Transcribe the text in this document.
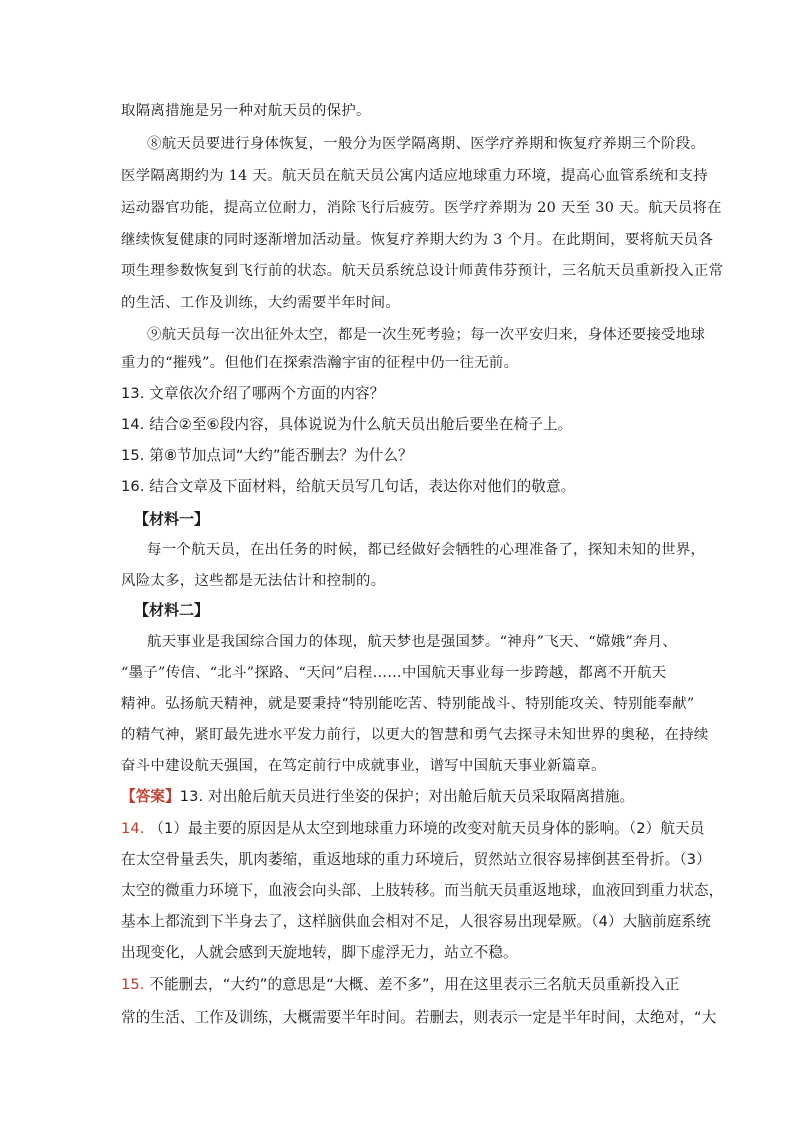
取隔离措施是另一种对航天员的保护。
⑧航天员要进行身体恢复，一般分为医学隔离期、医学疗养期和恢复疗养期三个阶段。
医学隔离期约为 14 天。航天员在航天员公寓内适应地球重力环境，提高心血管系统和支持
运动器官功能，提高立位耐力，消除飞行后疲劳。医学疗养期为 20 天至 30 天。航天员将在
继续恢复健康的同时逐渐增加活动量。恢复疗养期大约为 3 个月。在此期间，要将航天员各
项生理参数恢复到飞行前的状态。航天员系统总设计师黄伟芬预计，三名航天员重新投入正常
的生活、工作及训练，大约需要半年时间。
⑨航天员每一次出征外太空，都是一次生死考验；每一次平安归来，身体还要接受地球
重力的“摧残”。但他们在探索浩瀚宇宙的征程中仍一往无前。
13. 文章依次介绍了哪两个方面的内容？
14. 结合②至⑥段内容，具体说说为什么航天员出舱后要坐在椅子上。
15. 第⑧节加点词“大约”能否删去？为什么？
16. 结合文章及下面材料，给航天员写几句话，表达你对他们的敬意。
【材料一】
每一个航天员，在出任务的时候，都已经做好会牺牲的心理准备了，探知未知的世界，
风险太多，这些都是无法估计和控制的。
【材料二】
航天事业是我国综合国力的体现，航天梦也是强国梦。“神舟”飞天、“嫦娥”奔月、
“墨子”传信、“北斗”探路、“天问”启程……中国航天事业每一步跨越，都离不开航天
精神。弘扬航天精神，就是要秉持“特别能吃苦、特别能战斗、特别能攻关、特别能奉献”
的精气神，紧盯最先进水平发力前行，以更大的智慧和勇气去探寻未知世界的奥秘，在持续
奋斗中建设航天强国，在笃定前行中成就事业，谱写中国航天事业新篇章。
【答案】13. 对出舱后航天员进行坐姿的保护；对出舱后航天员采取隔离措施。
14. （1）最主要的原因是从太空到地球重力环境的改变对航天员身体的影响。（2）航天员
在太空骨量丢失，肌肉萎缩，重返地球的重力环境后，贸然站立很容易摔倒甚至骨折。（3）
太空的微重力环境下，血液会向头部、上肢转移。而当航天员重返地球，血液回到重力状态，
基本上都流到下半身去了，这样脑供血会相对不足，人很容易出现晕厥。（4）大脑前庭系统
出现变化，人就会感到天旋地转，脚下虚浮无力，站立不稳。
15. 不能删去，“大约”的意思是“大概、差不多”，用在这里表示三名航天员重新投入正
常的生活、工作及训练，大概需要半年时间。若删去，则表示一定是半年时间，太绝对，“大
